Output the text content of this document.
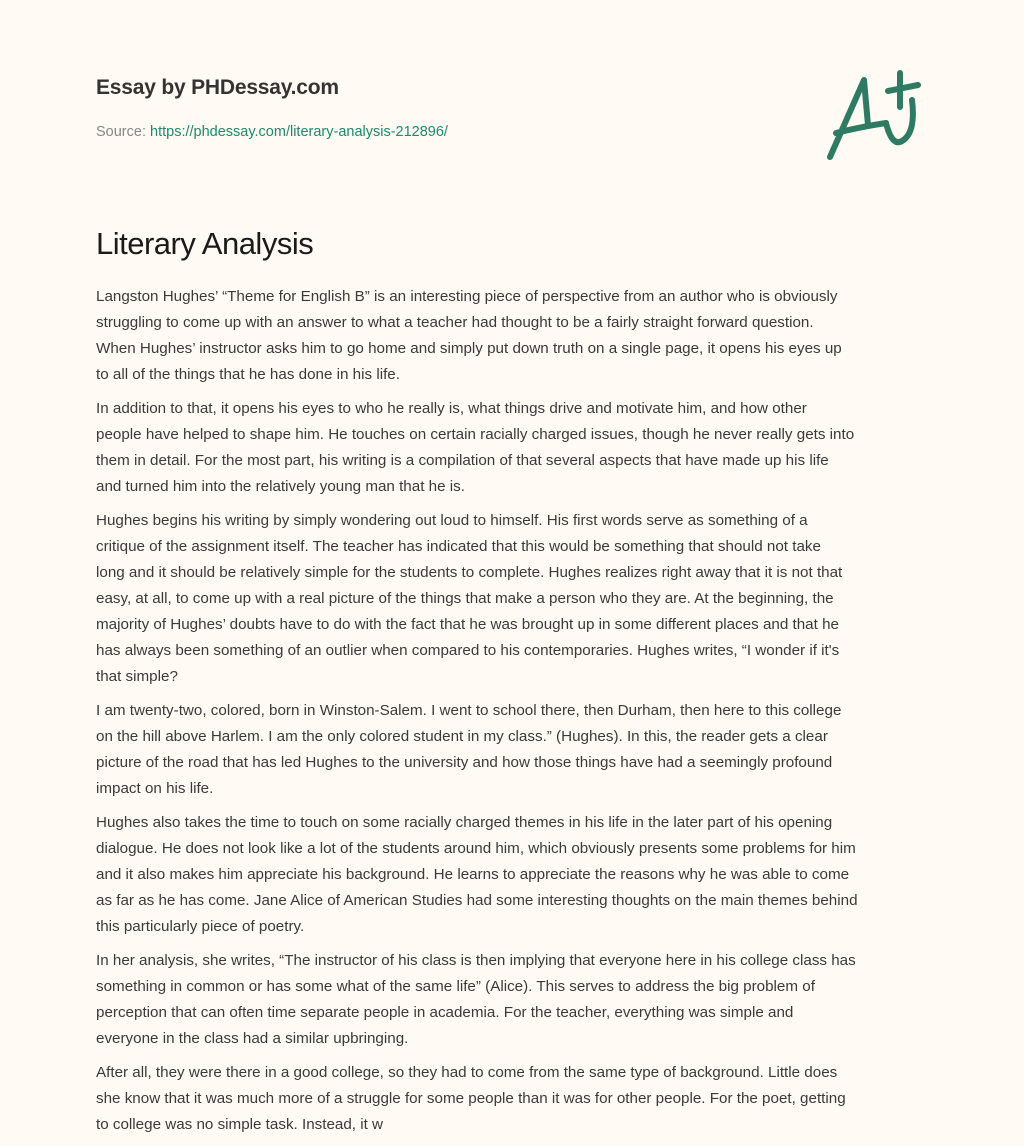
Essay by PHDessay.com
Source: https://phdessay.com/literary-analysis-212896/
Literary Analysis

Langston Hughes’ “Theme for English B” is an interesting piece of perspective from an author who is obviously
struggling to come up with an answer to what a teacher had thought to be a fairly straight forward question.
When Hughes’ instructor asks him to go home and simply put down truth on a single page, it opens his eyes up
to all of the things that he has done in his life.

In addition to that, it opens his eyes to who he really is, what things drive and motivate him, and how other
people have helped to shape him. He touches on certain racially charged issues, though he never really gets into
them in detail. For the most part, his writing is a compilation of that several aspects that have made up his life
and turned him into the relatively young man that he is.

Hughes begins his writing by simply wondering out loud to himself. His first words serve as something of a
critique of the assignment itself. The teacher has indicated that this would be something that should not take
long and it should be relatively simple for the students to complete. Hughes realizes right away that it is not that
easy, at all, to come up with a real picture of the things that make a person who they are. At the beginning, the
majority of Hughes’ doubts have to do with the fact that he was brought up in some different places and that he
has always been something of an outlier when compared to his contemporaries. Hughes writes, “I wonder if it's
that simple?

I am twenty-two, colored, born in Winston-Salem. I went to school there, then Durham, then here to this college
on the hill above Harlem. I am the only colored student in my class.” (Hughes). In this, the reader gets a clear
picture of the road that has led Hughes to the university and how those things have had a seemingly profound
impact on his life.

Hughes also takes the time to touch on some racially charged themes in his life in the later part of his opening
dialogue. He does not look like a lot of the students around him, which obviously presents some problems for him
and it also makes him appreciate his background. He learns to appreciate the reasons why he was able to come
as far as he has come. Jane Alice of American Studies had some interesting thoughts on the main themes behind
this particularly piece of poetry.

In her analysis, she writes, “The instructor of his class is then implying that everyone here in his college class has
something in common or has some what of the same life” (Alice). This serves to address the big problem of
perception that can often time separate people in academia. For the teacher, everything was simple and
everyone in the class had a similar upbringing.

After all, they were there in a good college, so they had to come from the same type of background. Little does
she know that it was much more of a struggle for some people than it was for other people. For the poet, getting
to college was no simple task. Instead, it w
